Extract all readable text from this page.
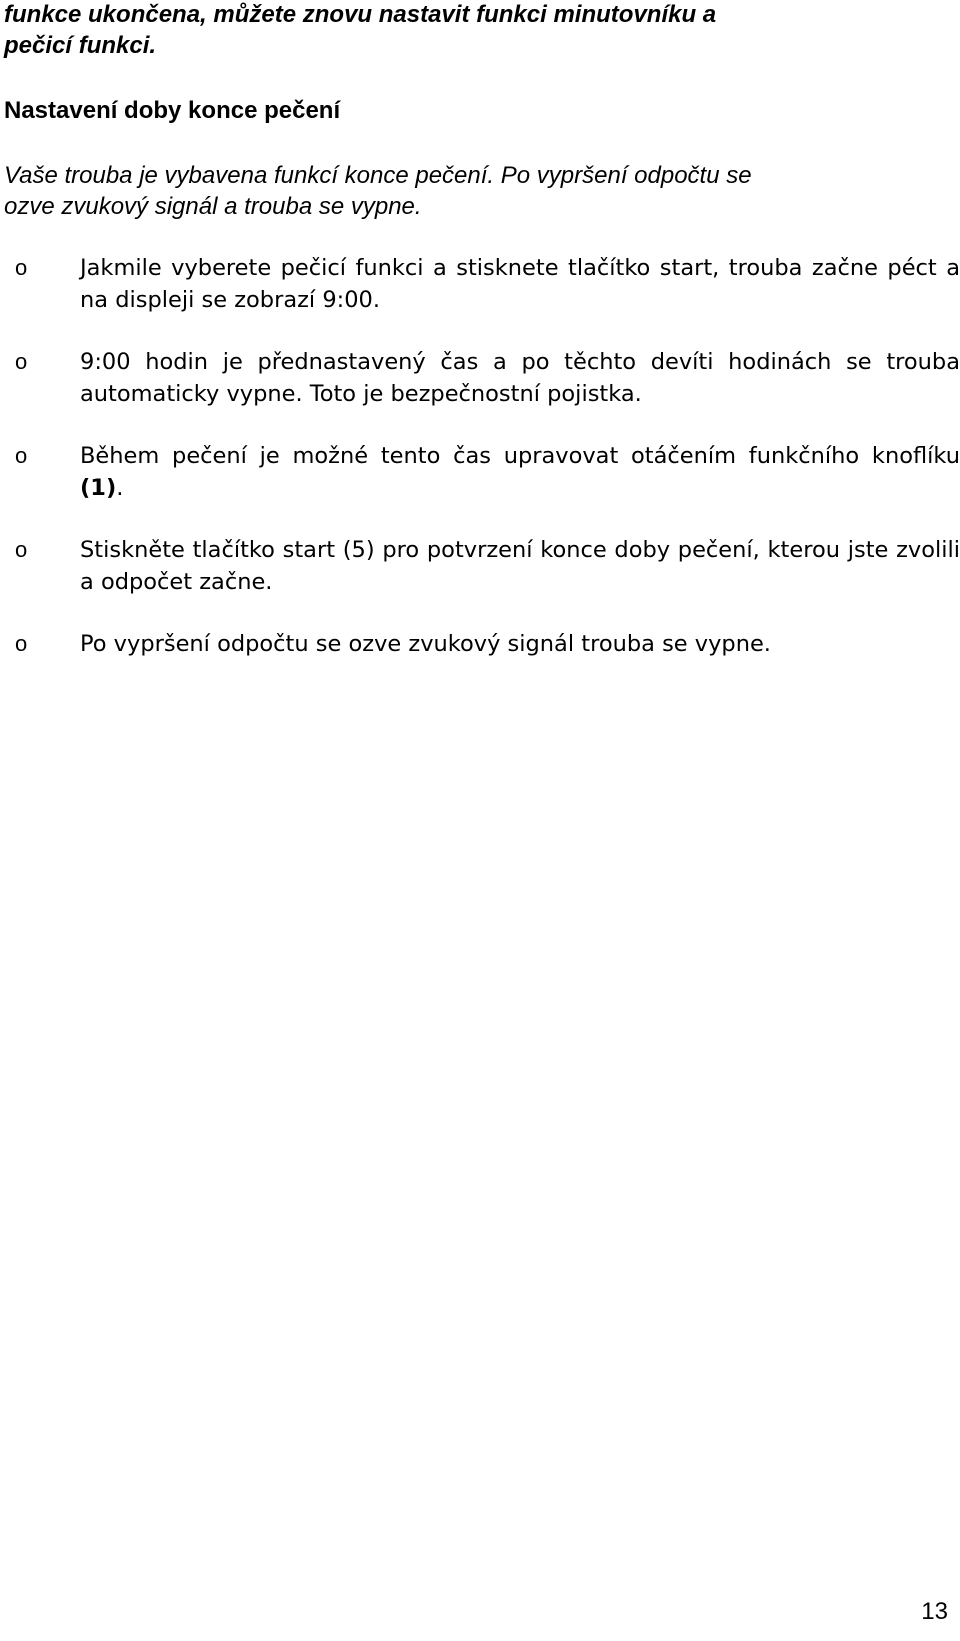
funkce ukončena, můžete znovu nastavit funkci minutovníku a
pečicí funkci.
Nastavení doby konce pečení
Vaše trouba je vybavena funkcí konce pečení. Po vypršení odpočtu se
ozve zvukový signál a trouba se vypne.
o Jakmile vyberete pečicí funkci a stisknete tlačítko start, trouba začne péct a na displeji se zobrazí 9:00.
o 9:00 hodin je přednastavený čas a po těchto devíti hodinách se trouba automaticky vypne. Toto je bezpečnostní pojistka.
o Během pečení je možné tento čas upravovat otáčením funkčního knoflíku (1).
o Stiskněte tlačítko start (5) pro potvrzení konce doby pečení, kterou jste zvolili a odpočet začne.
o Po vypršení odpočtu se ozve zvukový signál trouba se vypne.
13
